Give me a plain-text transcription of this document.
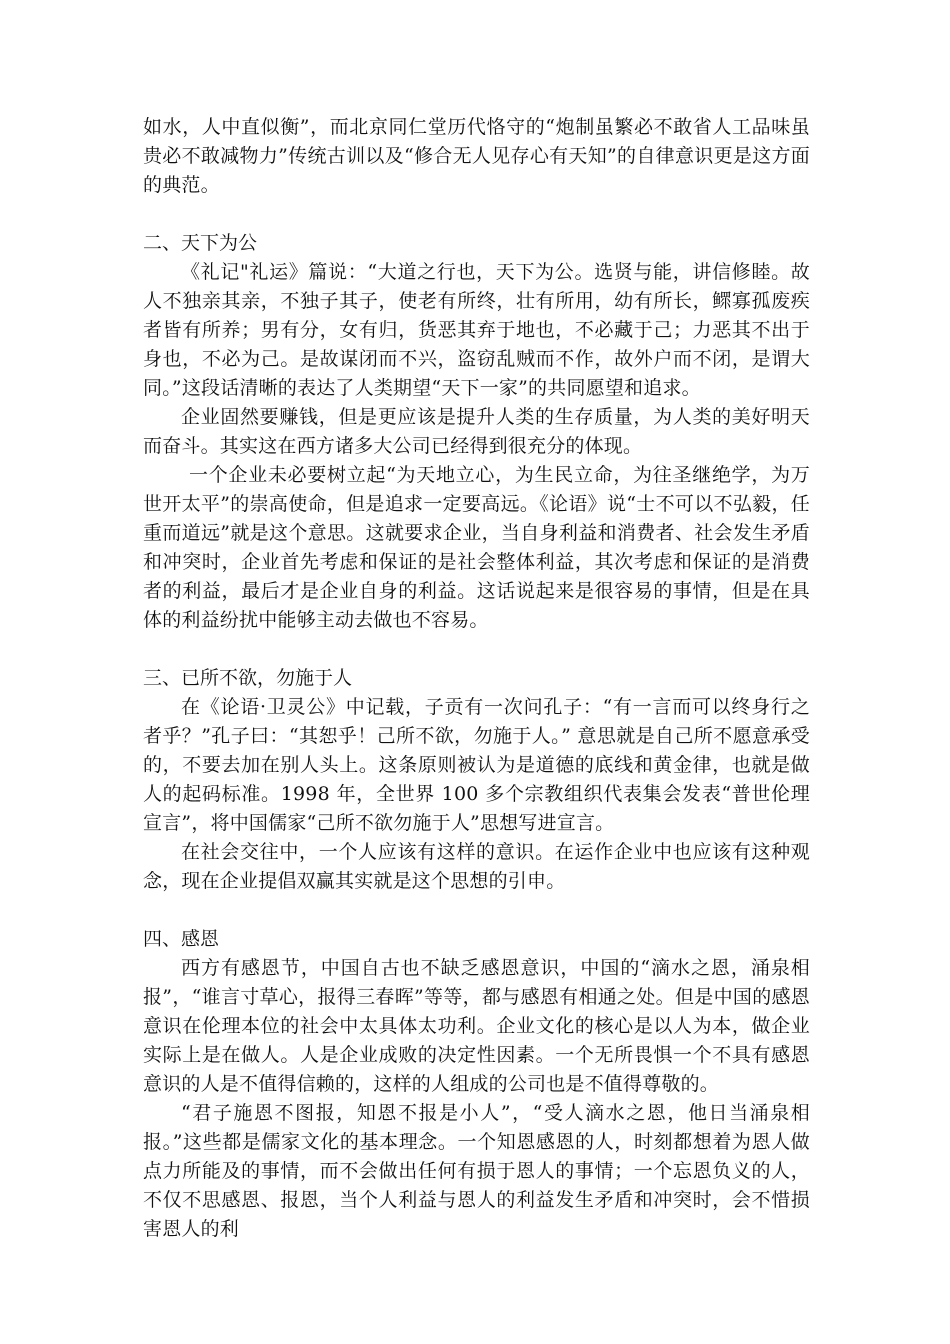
如水，人中直似衡”，而北京同仁堂历代恪守的“炮制虽繁必不敢省人工品味虽贵必不敢减物力”传统古训以及“修合无人见存心有天知”的自律意识更是这方面的典范。

二、天下为公

《礼记"礼运》篇说：“大道之行也，天下为公。选贤与能，讲信修睦。故人不独亲其亲，不独子其子，使老有所终，壮有所用，幼有所长，鳏寡孤废疾者皆有所养；男有分，女有归，货恶其弃于地也，不必藏于己；力恶其不出于身也，不必为己。是故谋闭而不兴，盗窃乱贼而不作，故外户而不闭，是谓大同。”这段话清晰的表达了人类期望“天下一家”的共同愿望和追求。

企业固然要赚钱，但是更应该是提升人类的生存质量，为人类的美好明天而奋斗。其实这在西方诸多大公司已经得到很充分的体现。

一个企业未必要树立起“为天地立心，为生民立命，为往圣继绝学，为万世开太平”的崇高使命，但是追求一定要高远。《论语》说“士不可以不弘毅，任重而道远”就是这个意思。这就要求企业，当自身利益和消费者、社会发生矛盾和冲突时，企业首先考虑和保证的是社会整体利益，其次考虑和保证的是消费者的利益，最后才是企业自身的利益。这话说起来是很容易的事情，但是在具体的利益纷扰中能够主动去做也不容易。

三、已所不欲，勿施于人

在《论语·卫灵公》中记载，子贡有一次问孔子：“有一言而可以终身行之者乎？”孔子曰：“其恕乎！己所不欲，勿施于人。” 意思就是自己所不愿意承受的，不要去加在别人头上。这条原则被认为是道德的底线和黄金律，也就是做人的起码标准。1998 年，全世界 100 多个宗教组织代表集会发表“普世伦理宣言”，将中国儒家“己所不欲勿施于人”思想写进宣言。

在社会交往中，一个人应该有这样的意识。在运作企业中也应该有这种观念，现在企业提倡双赢其实就是这个思想的引申。

四、感恩

西方有感恩节，中国自古也不缺乏感恩意识，中国的“滴水之恩，涌泉相报”，“谁言寸草心，报得三春晖”等等，都与感恩有相通之处。但是中国的感恩意识在伦理本位的社会中太具体太功利。企业文化的核心是以人为本，做企业实际上是在做人。人是企业成败的决定性因素。一个无所畏惧一个不具有感恩意识的人是不值得信赖的，这样的人组成的公司也是不值得尊敬的。

“君子施恩不图报，知恩不报是小人”，“受人滴水之恩，他日当涌泉相报。”这些都是儒家文化的基本理念。一个知恩感恩的人，时刻都想着为恩人做点力所能及的事情，而不会做出任何有损于恩人的事情；一个忘恩负义的人，不仅不思感恩、报恩，当个人利益与恩人的利益发生矛盾和冲突时，会不惜损害恩人的利
